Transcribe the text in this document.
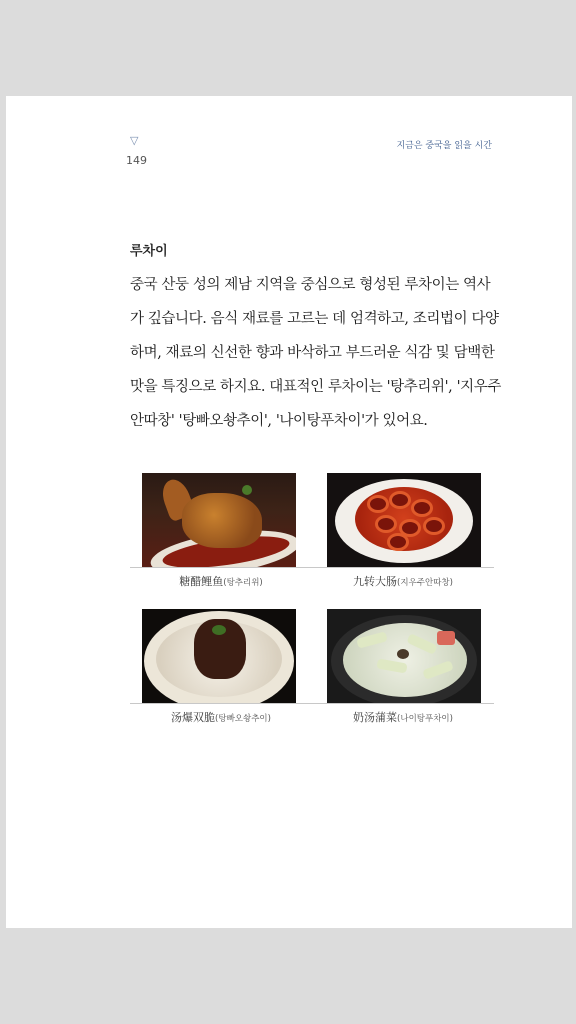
▽
149
지금은 중국을 읽을 시간
루차이

중국 산둥 성의 제남 지역을 중심으로 형성된 루차이는 역사가 깊습니다. 음식 재료를 고르는 데 엄격하고, 조리법이 다양하며, 재료의 신선한 향과 바삭하고 부드러운 식감 및 담백한 맛을 특징으로 하지요. 대표적인 루차이는 '탕추리위', '지우주안따창' '탕빠오솽추이', '나이탕푸차이'가 있어요.

糖醋鲤鱼(탕추리위)	九转大肠(지우주안따창)
汤爆双脆(탕빠오솽추이)	奶汤蒲菜(나이탕푸차이)
